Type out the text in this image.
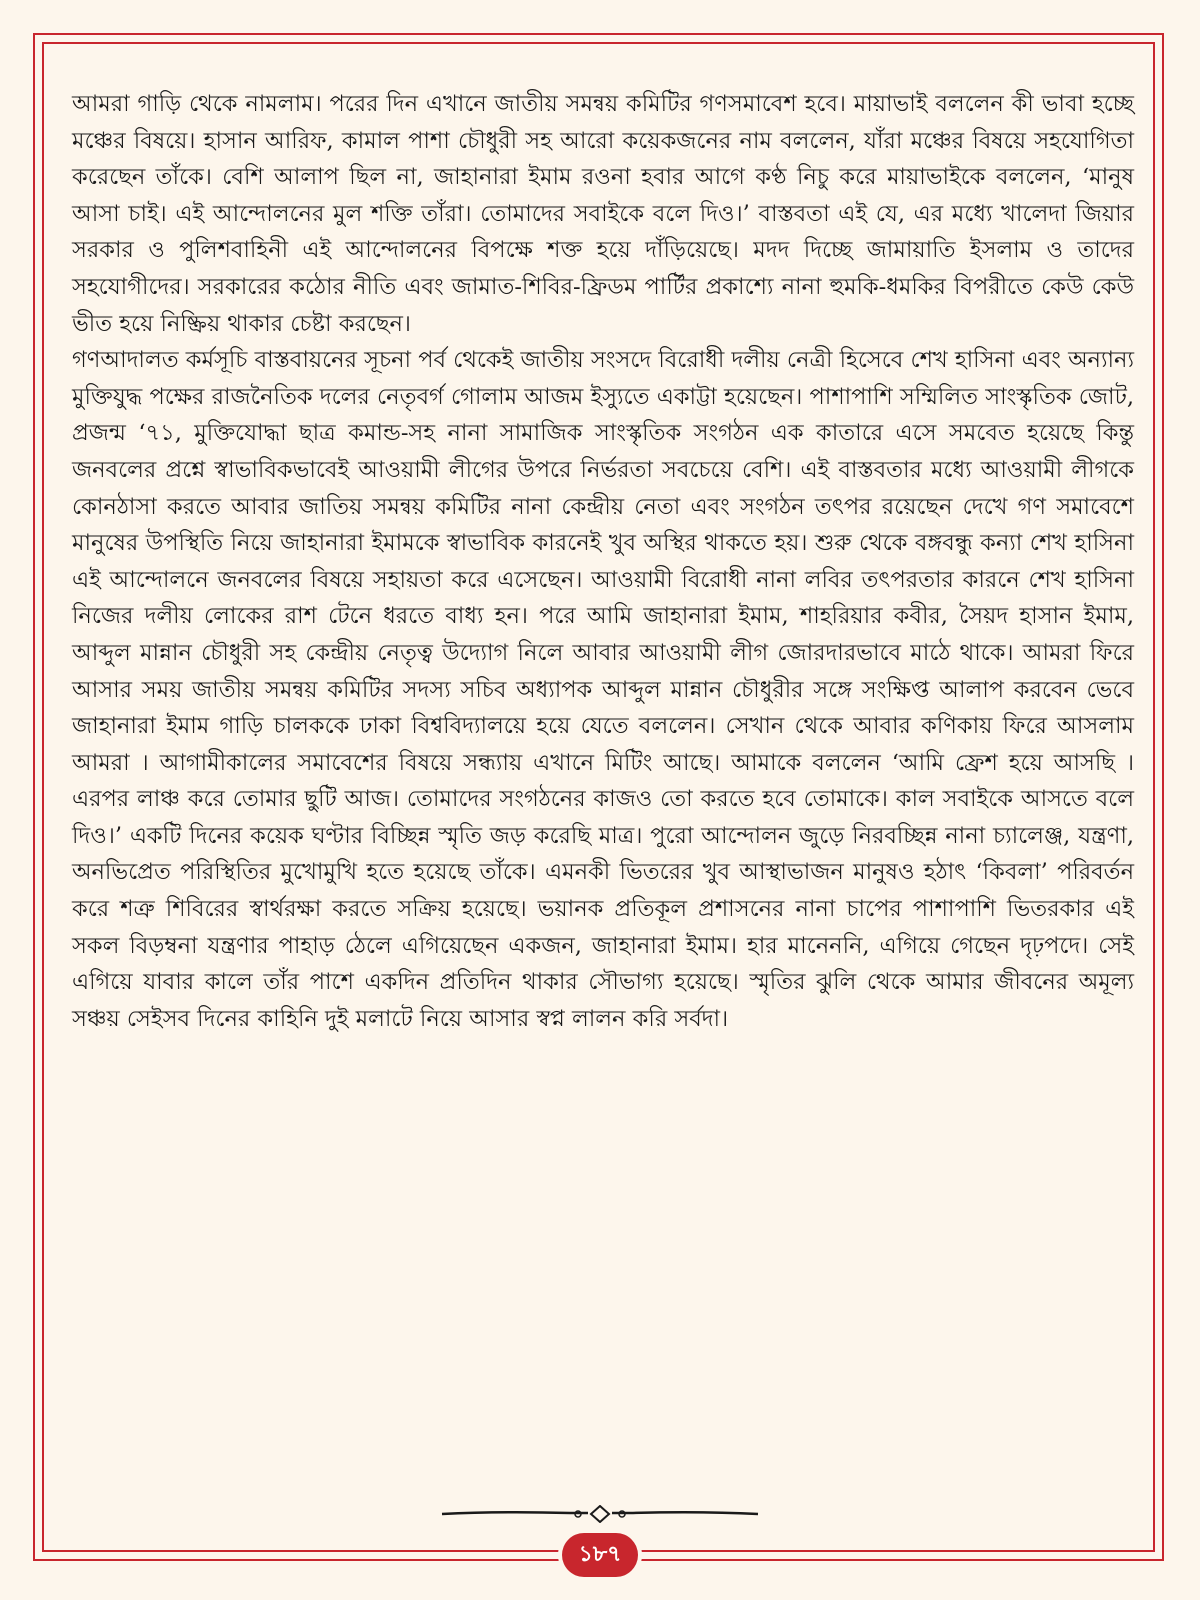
আমরা গাড়ি থেকে নামলাম। পরের দিন এখানে জাতীয় সমন্বয় কমিটির গণসমাবেশ হবে। মায়াভাই বললেন কী ভাবা হচ্ছে মঞ্চের বিষয়ে। হাসান আরিফ, কামাল পাশা চৌধুরী সহ আরো কয়েকজনের নাম বললেন, যাঁরা মঞ্চের বিষয়ে সহযোগিতা করেছেন তাঁকে। বেশি আলাপ ছিল না, জাহানারা ইমাম রওনা হবার আগে কণ্ঠ নিচু করে মায়াভাইকে বললেন, ‘মানুষ আসা চাই। এই আন্দোলনের মুল শক্তি তাঁরা। তোমাদের সবাইকে বলে দিও।’ বাস্তবতা এই যে, এর মধ্যে খালেদা জিয়ার সরকার ও পুলিশবাহিনী এই আন্দোলনের বিপক্ষে শক্ত হয়ে দাঁড়িয়েছে। মদদ দিচ্ছে জামায়াতি ইসলাম ও তাদের সহযোগীদের। সরকারের কঠোর নীতি এবং জামাত-শিবির-ফ্রিডম পার্টির প্রকাশ্যে নানা হুমকি-ধমকির বিপরীতে কেউ কেউ ভীত হয়ে নিষ্ক্রিয় থাকার চেষ্টা করছেন।

গণআদালত কর্মসূচি বাস্তবায়নের সূচনা পর্ব থেকেই জাতীয় সংসদে বিরোধী দলীয় নেত্রী হিসেবে শেখ হাসিনা এবং অন্যান্য মুক্তিযুদ্ধ পক্ষের রাজনৈতিক দলের নেতৃবর্গ গোলাম আজম ইস্যুতে একাট্টা হয়েছেন। পাশাপাশি সম্মিলিত সাংস্কৃতিক জোট, প্রজন্ম ‘৭১, মুক্তিযোদ্ধা ছাত্র কমান্ড-সহ নানা সামাজিক সাংস্কৃতিক সংগঠন এক কাতারে এসে সমবেত হয়েছে কিন্তু জনবলের প্রশ্নে স্বাভাবিকভাবেই আওয়ামী লীগের উপরে নির্ভরতা সবচেয়ে বেশি। এই বাস্তবতার মধ্যে আওয়ামী লীগকে কোনঠাসা করতে আবার জাতিয় সমন্বয় কমিটির নানা কেন্দ্রীয় নেতা এবং সংগঠন তৎপর রয়েছেন দেখে গণ সমাবেশে মানুষের উপস্থিতি নিয়ে জাহানারা ইমামকে স্বাভাবিক কারনেই খুব অস্থির থাকতে হয়। শুরু থেকে বঙ্গবন্ধু কন্যা শেখ হাসিনা এই আন্দোলনে জনবলের বিষয়ে সহায়তা করে এসেছেন। আওয়ামী বিরোধী নানা লবির তৎপরতার কারনে শেখ হাসিনা নিজের দলীয় লোকের রাশ টেনে ধরতে বাধ্য হন। পরে আমি জাহানারা ইমাম, শাহরিয়ার কবীর, সৈয়দ হাসান ইমাম, আব্দুল মান্নান চৌধুরী সহ কেন্দ্রীয় নেতৃত্ব উদ্যোগ নিলে আবার আওয়ামী লীগ জোরদারভাবে মাঠে থাকে। আমরা ফিরে আসার সময় জাতীয় সমন্বয় কমিটির সদস্য সচিব অধ্যাপক আব্দুল মান্নান চৌধুরীর সঙ্গে সংক্ষিপ্ত আলাপ করবেন ভেবে জাহানারা ইমাম গাড়ি চালককে ঢাকা বিশ্ববিদ্যালয়ে হয়ে যেতে বললেন। সেখান থেকে আবার কণিকায় ফিরে আসলাম আমরা । আগামীকালের সমাবেশের বিষয়ে সন্ধ্যায় এখানে মিটিং আছে। আমাকে বললেন ‘আমি ফ্রেশ হয়ে আসছি । এরপর লাঞ্চ করে তোমার ছুটি আজ। তোমাদের সংগঠনের কাজও তো করতে হবে তোমাকে। কাল সবাইকে আসতে বলে দিও।’ একটি দিনের কয়েক ঘণ্টার বিচ্ছিন্ন স্মৃতি জড় করেছি মাত্র। পুরো আন্দোলন জুড়ে নিরবচ্ছিন্ন নানা চ্যালেঞ্জ, যন্ত্রণা, অনভিপ্রেত পরিস্থিতির মুখোমুখি হতে হয়েছে তাঁকে। এমনকী ভিতরের খুব আস্থাভাজন মানুষও হঠাৎ ‘কিবলা’ পরিবর্তন করে শত্রু শিবিরের স্বার্থরক্ষা করতে সক্রিয় হয়েছে। ভয়ানক প্রতিকূল প্রশাসনের নানা চাপের পাশাপাশি ভিতরকার এই সকল বিড়ম্বনা যন্ত্রণার পাহাড় ঠেলে এগিয়েছেন একজন, জাহানারা ইমাম। হার মানেননি, এগিয়ে গেছেন দৃঢ়পদে। সেই এগিয়ে যাবার কালে তাঁর পাশে একদিন প্রতিদিন থাকার সৌভাগ্য হয়েছে। স্মৃতির ঝুলি থেকে আমার জীবনের অমূল্য সঞ্চয় সেইসব দিনের কাহিনি দুই মলাটে নিয়ে আসার স্বপ্ন লালন করি সর্বদা।

১৮৭
